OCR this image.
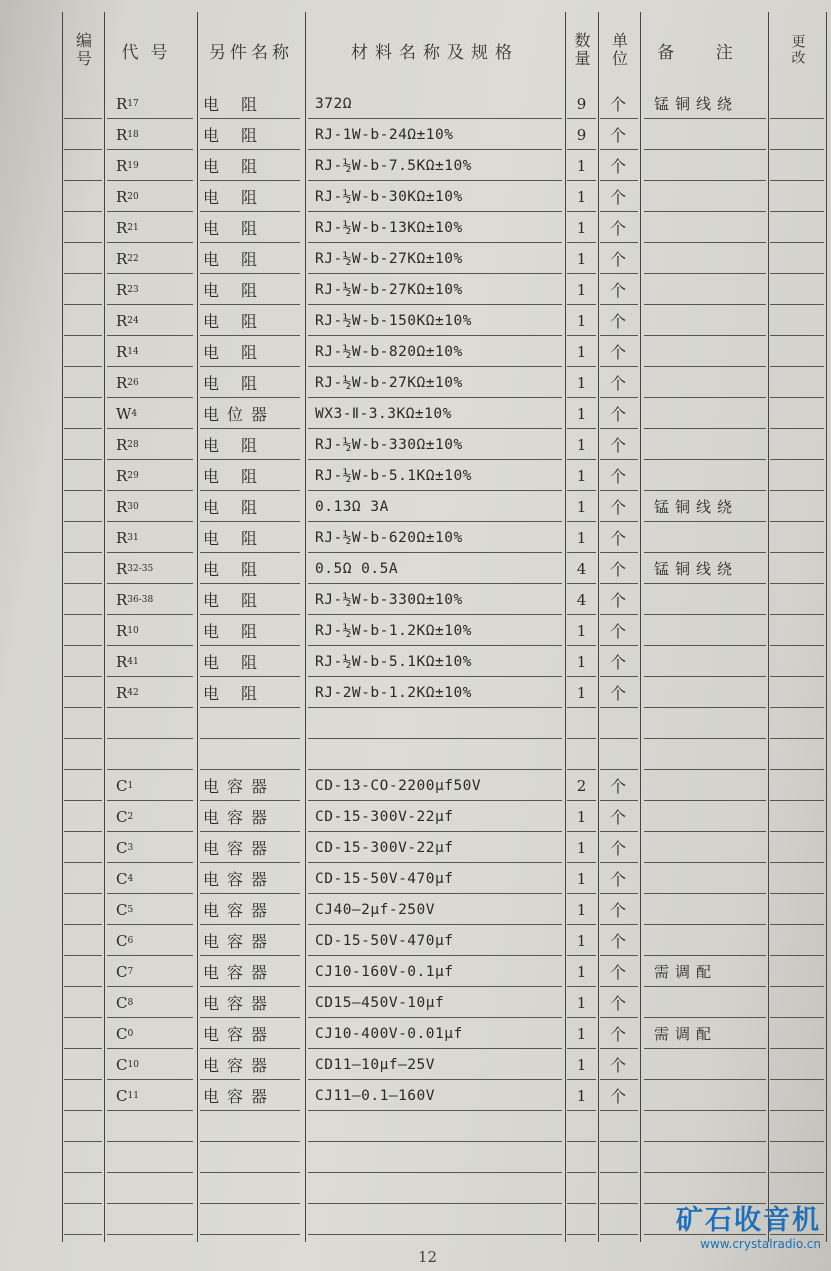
编号	代号	另件名称	材料名称及规格	数量	单位	备 注	更改
R 17	电阻	372Ω	9	个	锰铜线绕
R 18	电阻	RJ-1W-b-24Ω±10%	9	个
R 19	电阻	RJ-½W-b-7.5KΩ±10%	1	个
R 20	电阻	RJ-½W-b-30KΩ±10%	1	个
R 21	电阻	RJ-½W-b-13KΩ±10%	1	个
R 22	电阻	RJ-½W-b-27KΩ±10%	1	个
R 23	电阻	RJ-½W-b-27KΩ±10%	1	个
R 24	电阻	RJ-½W-b-150KΩ±10%	1	个
R 14	电阻	RJ-½W-b-820Ω±10%	1	个
R 26	电阻	RJ-½W-b-27KΩ±10%	1	个
W 4	电位器	WX3-Ⅱ-3.3KΩ±10%	1	个
R 28	电阻	RJ-½W-b-330Ω±10%	1	个
R 29	电阻	RJ-½W-b-5.1KΩ±10%	1	个
R 30	电阻	0.13Ω 3A	1	个	锰铜线绕
R 31	电阻	RJ-½W-b-620Ω±10%	1	个
R 32-35	电阻	0.5Ω 0.5A	4	个	锰铜线绕
R 36-38	电阻	RJ-½W-b-330Ω±10%	4	个
R 10	电阻	RJ-½W-b-1.2KΩ±10%	1	个
R 41	电阻	RJ-½W-b-5.1KΩ±10%	1	个
R 42	电阻	RJ-2W-b-1.2KΩ±10%	1	个
C 1	电容器	CD-13-CO-2200μf50V	2	个
C 2	电容器	CD-15-300V-22μf	1	个
C 3	电容器	CD-15-300V-22μf	1	个
C 4	电容器	CD-15-50V-470μf	1	个
C 5	电容器	CJ40—2μf-250V	1	个
C 6	电容器	CD-15-50V-470μf	1	个
C 7	电容器	CJ10-160V-0.1μf	1	个	需调配
C 8	电容器	CD15—450V-10μf	1	个
C 0	电容器	CJ10-400V-0.01μf	1	个	需调配
C 10	电容器	CD11—10μf—25V	1	个
C 11	电容器	CJ11—0.1—160V	1	个
12
矿石收音机
www.crystalradio.cn
